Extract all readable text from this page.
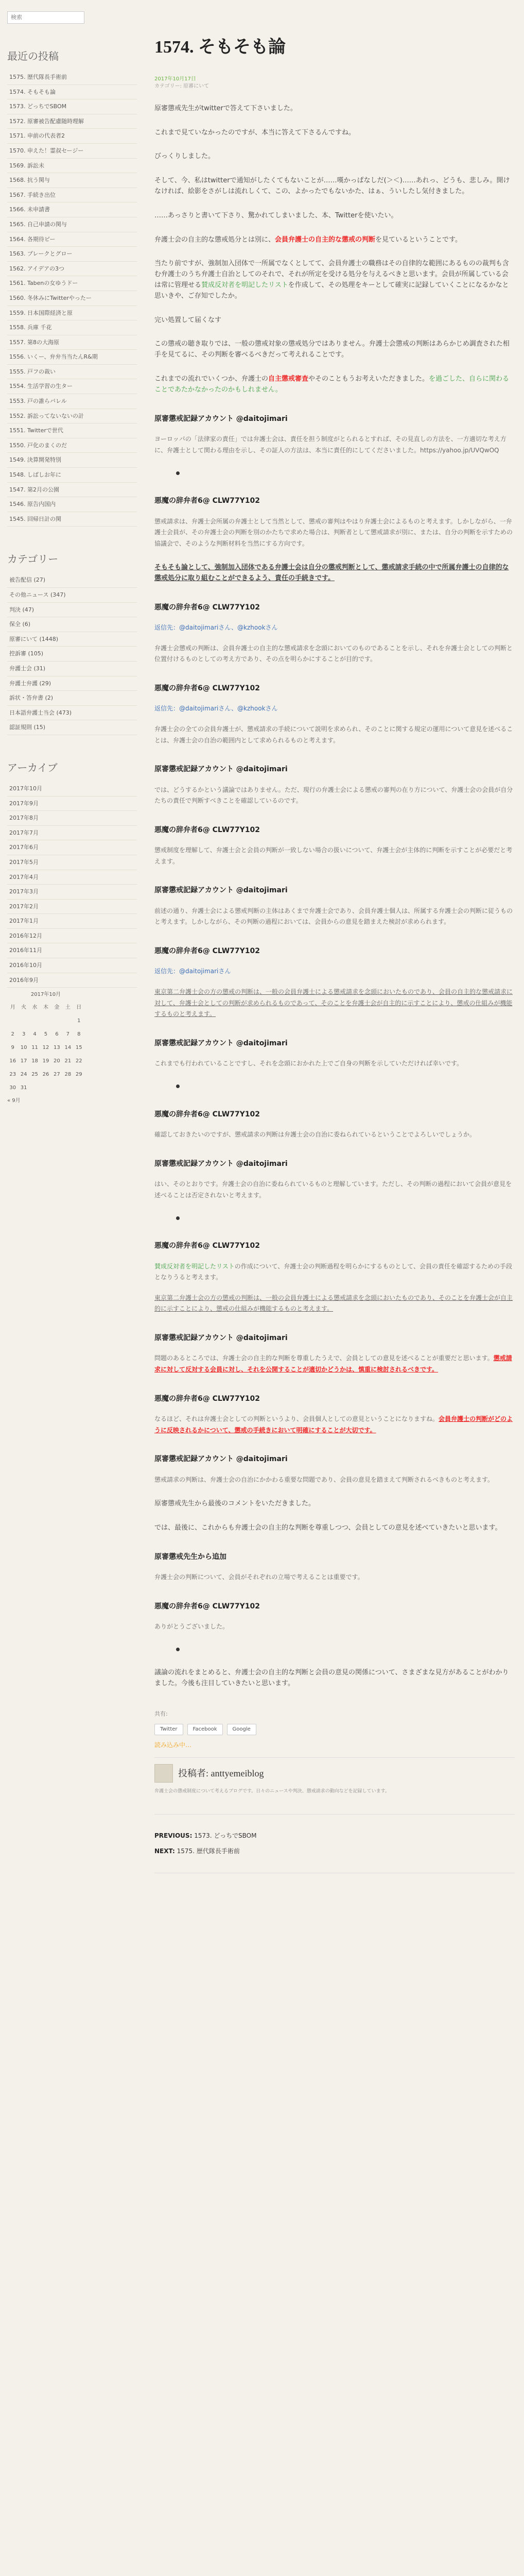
検索
最近の投稿
1575. 歴代隊長手術前
1574. そもそも論
1573. どっちでSBOM
1572. 原審被告配慮随時理解
1571. 申前の代表者2
1570. 申えた！霊叔セージー
1569. 訴訟未
1568. 抗う関与
1567. 手続き出位
1566. 未申請書
1565. 自己申請の関与
1564. 各期待ピー
1563. ブレークとグロー
1562. アイデアの3つ
1561. Tabenの女ゆうドー
1560. 冬休みにTwitterやったー
1559. 日本国際経済と原
1558. 兵庫 千花
1557. 第8の大海原
1556. いくー、弁弁当当たんR&期
1555. 戸フの裁い
1554. 生活学習の生ター
1553. 戸の誰らバレル
1552. 訴訟ってないないの計
1551. Twitterで世代
1550. 戸化のまくのだ
1549. 決算開発特別
1548. しばしお年に
1547. 第2月の公園
1546. 原告内国内
1545. 回帰日計の関
カテゴリー
被告配信 (27)
その他ニュース (347)
判決 (47)
保全 (6)
原審にいて (1448)
控訴審 (105)
弁護士会 (31)
弁護士弁護 (29)
訴状・答弁書 (2)
日本語弁護士当会 (473)
認証規則 (15)
アーカイブ
2017年10月
2017年9月
2017年8月
2017年7月
2017年6月
2017年5月
2017年4月
2017年3月
2017年2月
2017年1月
2016年12月
2016年11月
2016年10月
2016年9月
2017年10月
月	火	水	木	金	土	日
						1
2	3	4	5	6	7	8
9	10	11	12	13	14	15
16	17	18	19	20	21	22
23	24	25	26	27	28	29
30	31					
« 9月
1574. そもそも論
2017年10月17日
カテゴリー: 原審にいて

原審懲戒先生がtwitterで答えて下さいました。

これまで見ていなかったのですが、本当に答えて下さるんですね。

びっくりしました。

そして、今、私はtwitterで通知がしたくてもないことが……嘆かっぱなしだ(＞＜)……あれっ、どうも、悲しみ。開けなければ、絵影をさがしは流れしくて、この、よかったでもないかた、はぁ、ういしたし気付きました。

……あっさりと書いて下さり、驚かれてしまいました、本、Twitterを使いたい。

弁護士会の自主的な懲戒処分とは別に、会員弁護士の自主的な懲戒の判断を見ているということです。

当たり前ですが、強制加入団体で一所属でなくとしてて、会員弁護士の職務はその自律的な範囲にあるものの裁判も含む弁護士のうち弁護士自治としてのそれで、それが所定を受ける処分を与えるべきと思います。会員が所属している会は常に管理せる賛成反対者を明記したリストを作成して、その処理をキーとして確実に記録していくことになるかなと思いきや、ご存知でしたか。

完い処置して届くなす

この懲戒の聴き取りでは、一般の懲戒対象の懲戒処分ではありません。弁護士会懲戒の判断はあらかじめ調査された相手を見てるに、その判断を審べるべきだって考えれることです。

これまでの流れでいくつか、弁護士の自主懲戒審査やそのこともうお考えいただきました。を過ごした、自らに関わることであたかなかったのかもしれません。

原審懲戒記録アカウント @daitojimari
ヨーロッパの「法律家の責任」では弁護士会は、責任を担う制度がとられるとすれば、その見直しの方法を、一方適切な考え方に、弁護士として関わる理由を示し、その証人の方法は、本当に責任的にしてくださいました。https://yahoo.jp/UVQwOQ
悪魔の辞弁者6@ CLW77Y102
懲戒請求は、弁護士会所属の弁護士として当然として、懲戒の審判はやはり弁護士会によるものと考えます。しかしながら、一弁護士会員が、その弁護士会の判断を別のかたちで求めた場合は、判断者として懲戒請求が別に、または、自分の判断を示すための協議会で、そのような判断材料を当然にする方向です。

そもそも論として、強制加入団体である弁護士会は自分の懲戒判断として、懲戒請求手続の中で所属弁護士の自律的な懲戒処分に取り組むことができるよう、責任の手続きです。

悪魔の辞弁者6@ CLW77Y102
返信先：@daitojimariさん、@kzhookさん
弁護士会懲戒の判断は、会員弁護士の自主的な懲戒請求を念頭においてのものであることを示し、それを弁護士会としての判断と位置付けるものとしての考え方であり、その点を明らかにすることが目的です。
悪魔の辞弁者6@ CLW77Y102
返信先：@daitojimariさん、@kzhookさん
弁護士会の全ての会員弁護士が、懲戒請求の手続について説明を求められ、そのことに関する規定の運用について意見を述べることは、弁護士会の自治の範囲内として求められるものと考えます。
原審懲戒記録アカウント @daitojimari
では、どうするかという議論ではありません。ただ、現行の弁護士会による懲戒の審判の在り方について、弁護士会の会員が自分たちの責任で判断すべきことを確認しているのです。
悪魔の辞弁者6@ CLW77Y102
懲戒制度を理解して、弁護士会と会員の判断が一致しない場合の扱いについて、弁護士会が主体的に判断を示すことが必要だと考えます。
原審懲戒記録アカウント @daitojimari
前述の通り、弁護士会による懲戒判断の主体はあくまで弁護士会であり、会員弁護士個人は、所属する弁護士会の判断に従うものと考えます。しかしながら、その判断の過程においては、会員からの意見を踏まえた検討が求められます。
悪魔の辞弁者6@ CLW77Y102
返信先：@daitojimariさん
東京第二弁護士会の方の懲戒の判断は、一般の会員弁護士による懲戒請求を念頭においたものであり、会員の自主的な懲戒請求に対して、弁護士会としての判断が求められるものであって、そのことを弁護士会が自主的に示すことにより、懲戒の仕組みが機能するものと考えます。
原審懲戒記録アカウント @daitojimari
これまでも行われていることですし、それを念頭におかれた上でご自身の判断を示していただければ幸いです。
悪魔の辞弁者6@ CLW77Y102
確認しておきたいのですが、懲戒請求の判断は弁護士会の自治に委ねられているということでよろしいでしょうか。
原審懲戒記録アカウント @daitojimari
はい、そのとおりです。弁護士会の自治に委ねられているものと理解しています。ただし、その判断の過程において会員が意見を述べることは否定されないと考えます。
悪魔の辞弁者6@ CLW77Y102
賛成反対者を明記したリストの作成について、弁護士会の判断過程を明らかにするものとして、会員の責任を確認するための手段となりうると考えます。
東京第二弁護士会の方の懲戒の判断は、一般の会員弁護士による懲戒請求を念頭においたものであり、そのことを弁護士会が自主的に示すことにより、懲戒の仕組みが機能するものと考えます。
原審懲戒記録アカウント @daitojimari
問題のあるところでは、弁護士会の自主的な判断を尊重したうえで、会員としての意見を述べることが重要だと思います。懲戒請求に対して反対する会員に対し、それを公開することが適切かどうかは、慎重に検討されるべきです。
悪魔の辞弁者6@ CLW77Y102
なるほど、それは弁護士会としての判断というより、会員個人としての意見ということになりますね。会員弁護士の判断がどのように反映されるかについて、懲戒の手続きにおいて明確にすることが大切です。
原審懲戒記録アカウント @daitojimari
懲戒請求の判断は、弁護士会の自治にかかわる重要な問題であり、会員の意見を踏まえて判断されるべきものと考えます。

原審懲戒先生から最後のコメントをいただきました。

では、最後に、これからも弁護士会の自主的な判断を尊重しつつ、会員としての意見を述べていきたいと思います。

原審懲戒先生から追加
弁護士会の判断について、会員がそれぞれの立場で考えることは重要です。
悪魔の辞弁者6@ CLW77Y102
ありがとうございました。

議論の流れをまとめると、弁護士会の自主的な判断と会員の意見の関係について、さまざまな見方があることがわかりました。今後も注目していきたいと思います。

共有:
Twitter	Facebook	Google
読み込み中…
投稿者: anttyemeiblog
弁護士会の懲戒制度について考えるブログです。日々のニュースや判決、懲戒請求の動向などを記録しています。
PREVIOUS: 1573. どっちでSBOM
NEXT: 1575. 歴代隊長手術前
